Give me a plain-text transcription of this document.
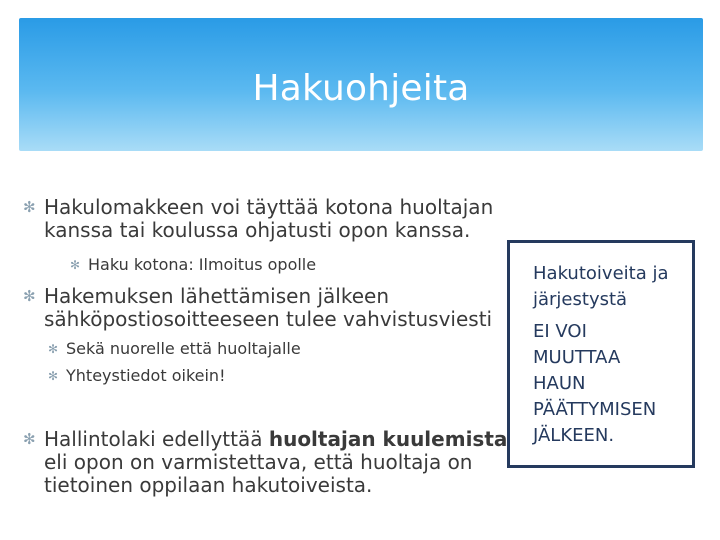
Hakuohjeita
✻ Hakulomakkeen voi täyttää kotona huoltajan
kanssa tai koulussa ohjatusti opon kanssa.
✻ Haku kotona: Ilmoitus opolle
✻ Hakemuksen lähettämisen jälkeen
sähköpostiosoitteeseen tulee vahvistusviesti
✻ Sekä nuorelle että huoltajalle
✻ Yhteystiedot oikein!
✻ Hallintolaki edellyttää huoltajan kuulemista
eli opon on varmistettava, että huoltaja on
tietoinen oppilaan hakutoiveista.
Hakutoiveita ja
järjestystä
EI VOI
MUUTTAA
HAUN
PÄÄTTYMISEN
JÄLKEEN.
